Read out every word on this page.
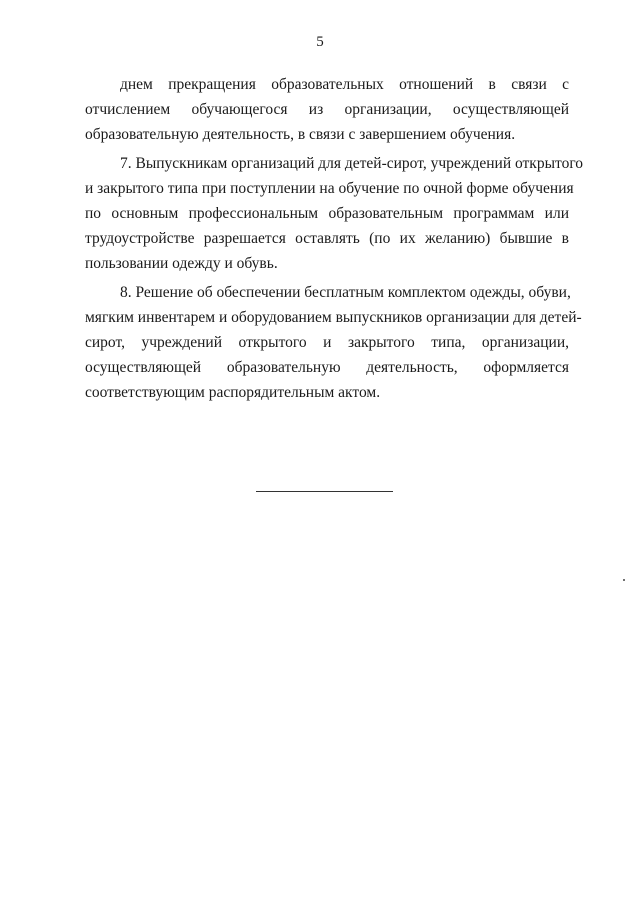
5
днем прекращения образовательных отношений в связи с
отчислением обучающегося из организации, осуществляющей
образовательную деятельность, в связи с завершением обучения.
7. Выпускникам организаций для детей-сирот, учреждений открытого
и закрытого типа при поступлении на обучение по очной форме обучения
по основным профессиональным образовательным программам или
трудоустройстве разрешается оставлять (по их желанию) бывшие в
пользовании одежду и обувь.
8. Решение об обеспечении бесплатным комплектом одежды, обуви,
мягким инвентарем и оборудованием выпускников организации для детей-
сирот, учреждений открытого и закрытого типа, организации,
осуществляющей образовательную деятельность, оформляется
соответствующим распорядительным актом.
